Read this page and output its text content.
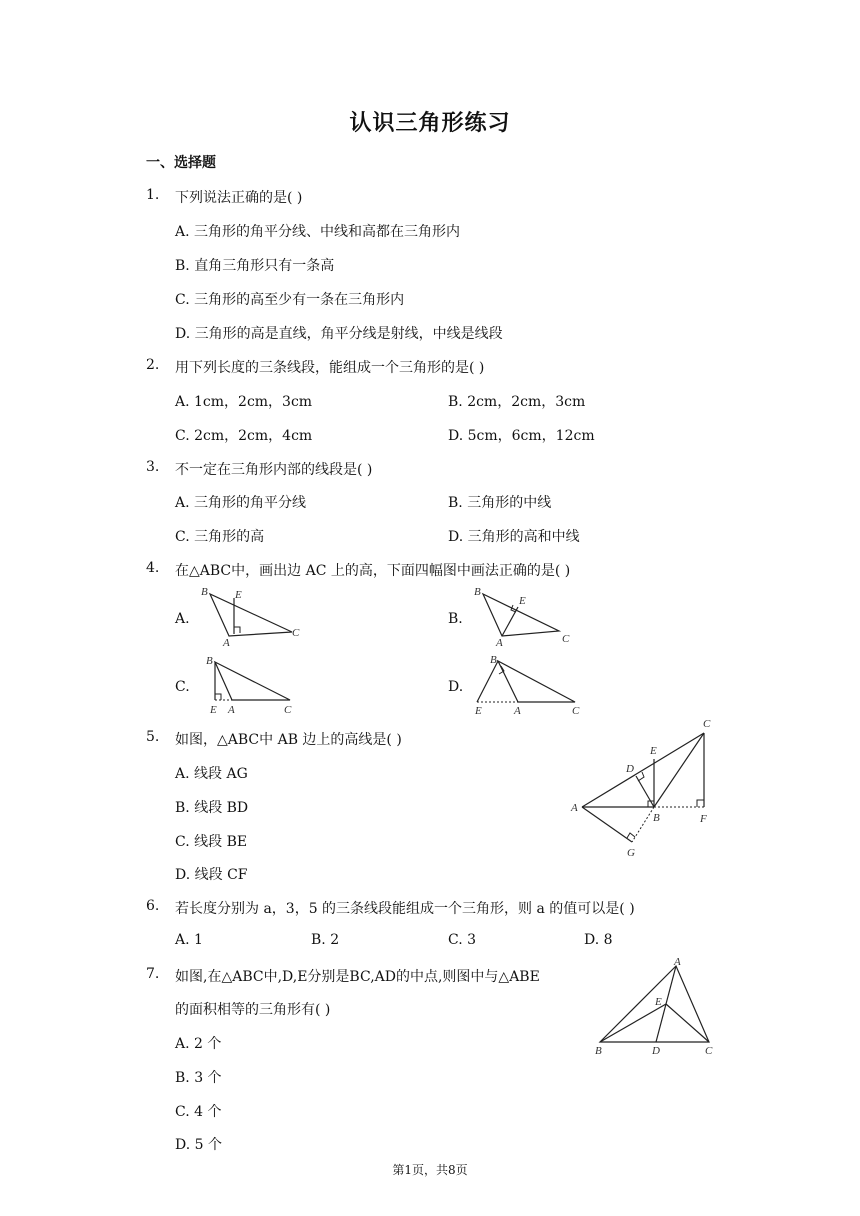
认识三角形练习
一、选择题
1. 下列说法正确的是( )
A. 三角形的角平分线、中线和高都在三角形内
B. 直角三角形只有一条高
C. 三角形的高至少有一条在三角形内
D. 三角形的高是直线，角平分线是射线，中线是线段
2. 用下列长度的三条线段，能组成一个三角形的是( )
A. 1cm，2cm，3cm	B. 2cm，2cm，3cm
C. 2cm，2cm，4cm	D. 5cm，6cm，12cm
3. 不一定在三角形内部的线段是( )
A. 三角形的角平分线	B. 三角形的中线
C. 三角形的高	D. 三角形的高和中线
4. 在△ABC中，画出边 AC 上的高，下面四幅图中画法正确的是( )
A.	B.
C.	D.
B E
A
C
B
E
A	C
B
E A	C
B
E	A	C
5. 如图，△ABC中 AB 边上的高线是( )
A. 线段 AG
B. 线段 BD
C. 线段 BE
D. 线段 CF
C
E
D
A
B	F
G
6. 若长度分别为 a，3，5 的三条线段能组成一个三角形，则 a 的值可以是( )
A. 1	B. 2	C. 3	D. 8
7. 如图,在△ABC中,D,E分别是BC,AD的中点,则图中与△ABE
的面积相等的三角形有( )
A. 2 个
B. 3 个
C. 4 个
D. 5 个
A
E
B	D	C
第1页，共8页
